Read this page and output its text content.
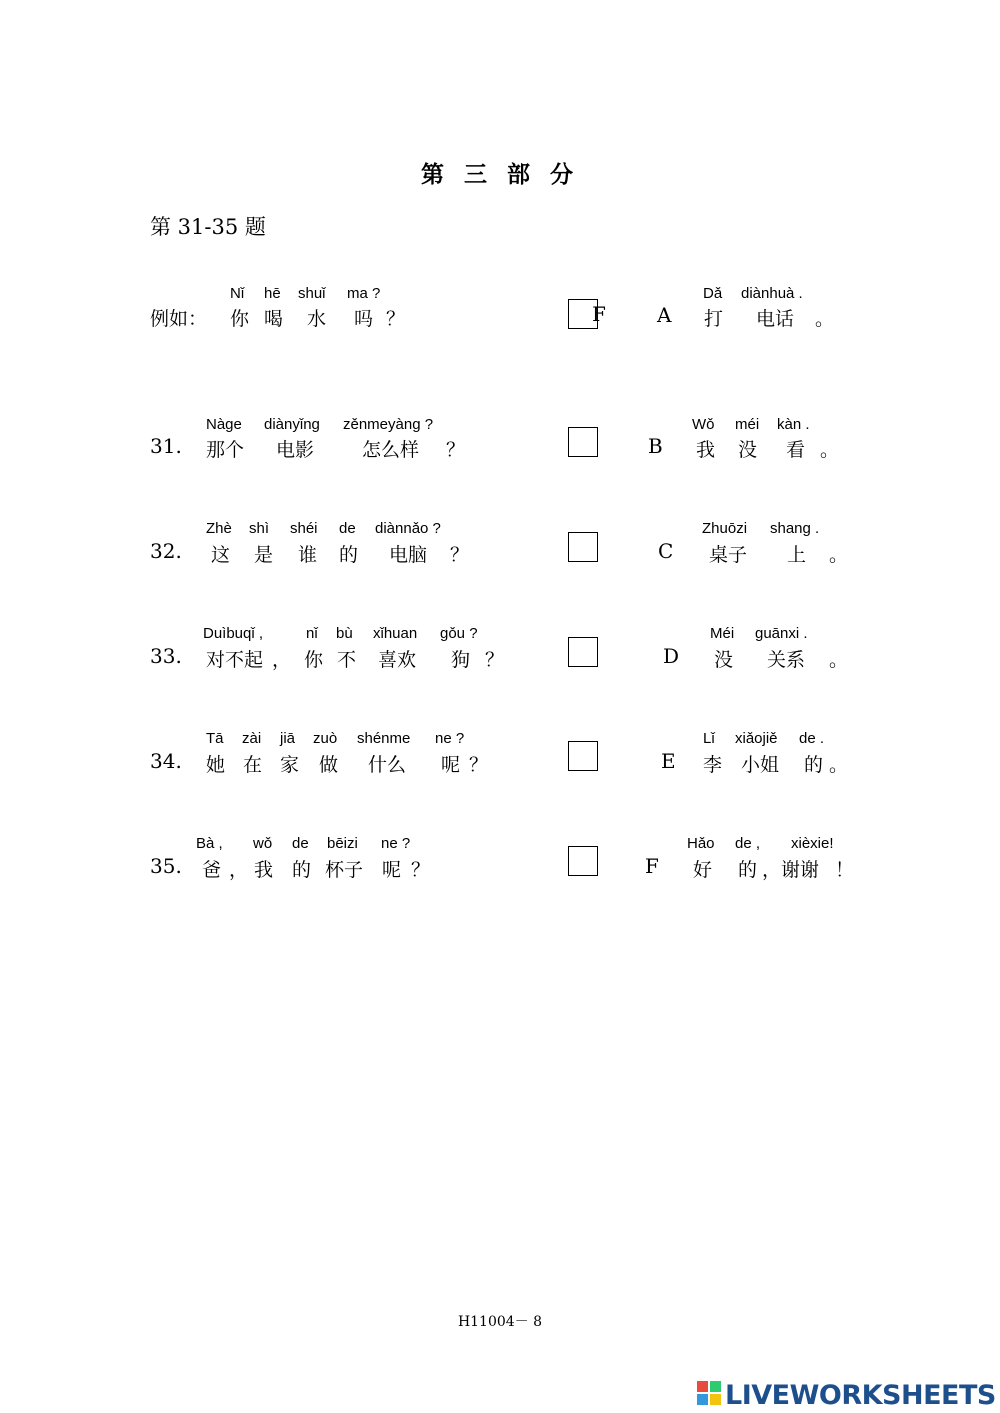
第 三 部 分
第 31-35 题
Nǐ hē shuǐ ma ?
例如： 你 喝 水 吗 ？	F
Nàge diànyǐng zěnmeyàng ?
31. 那个 电影	怎么样 ？
Zhè shì shéi de diànnǎo ?
32. 这 是 谁 的 电脑 ？
Duìbuqǐ ,	nǐ bù xǐhuan gǒu ?
33. 对不起 ， 你 不 喜欢 狗 ？
Tā zài jiā zuò shénme ne ?
34. 她 在 家 做 什么 呢 ？
Bà , wǒ de bēizi ne ?
35. 爸 ， 我 的 杯子 呢 ？
Dǎ diànhuà .
A 打 电话 。
Wǒ méi kàn .
B 我 没 看 。
Zhuōzi shang .
C 桌子 上 。
Méi guānxi .
D 没 关系 。
Lǐ xiǎojiě de .
E 李 小姐 的 。
Hǎo de , xièxie!
F 好 的 ，谢谢 ！
H11004－ 8
LIVEWORKSHEETS
